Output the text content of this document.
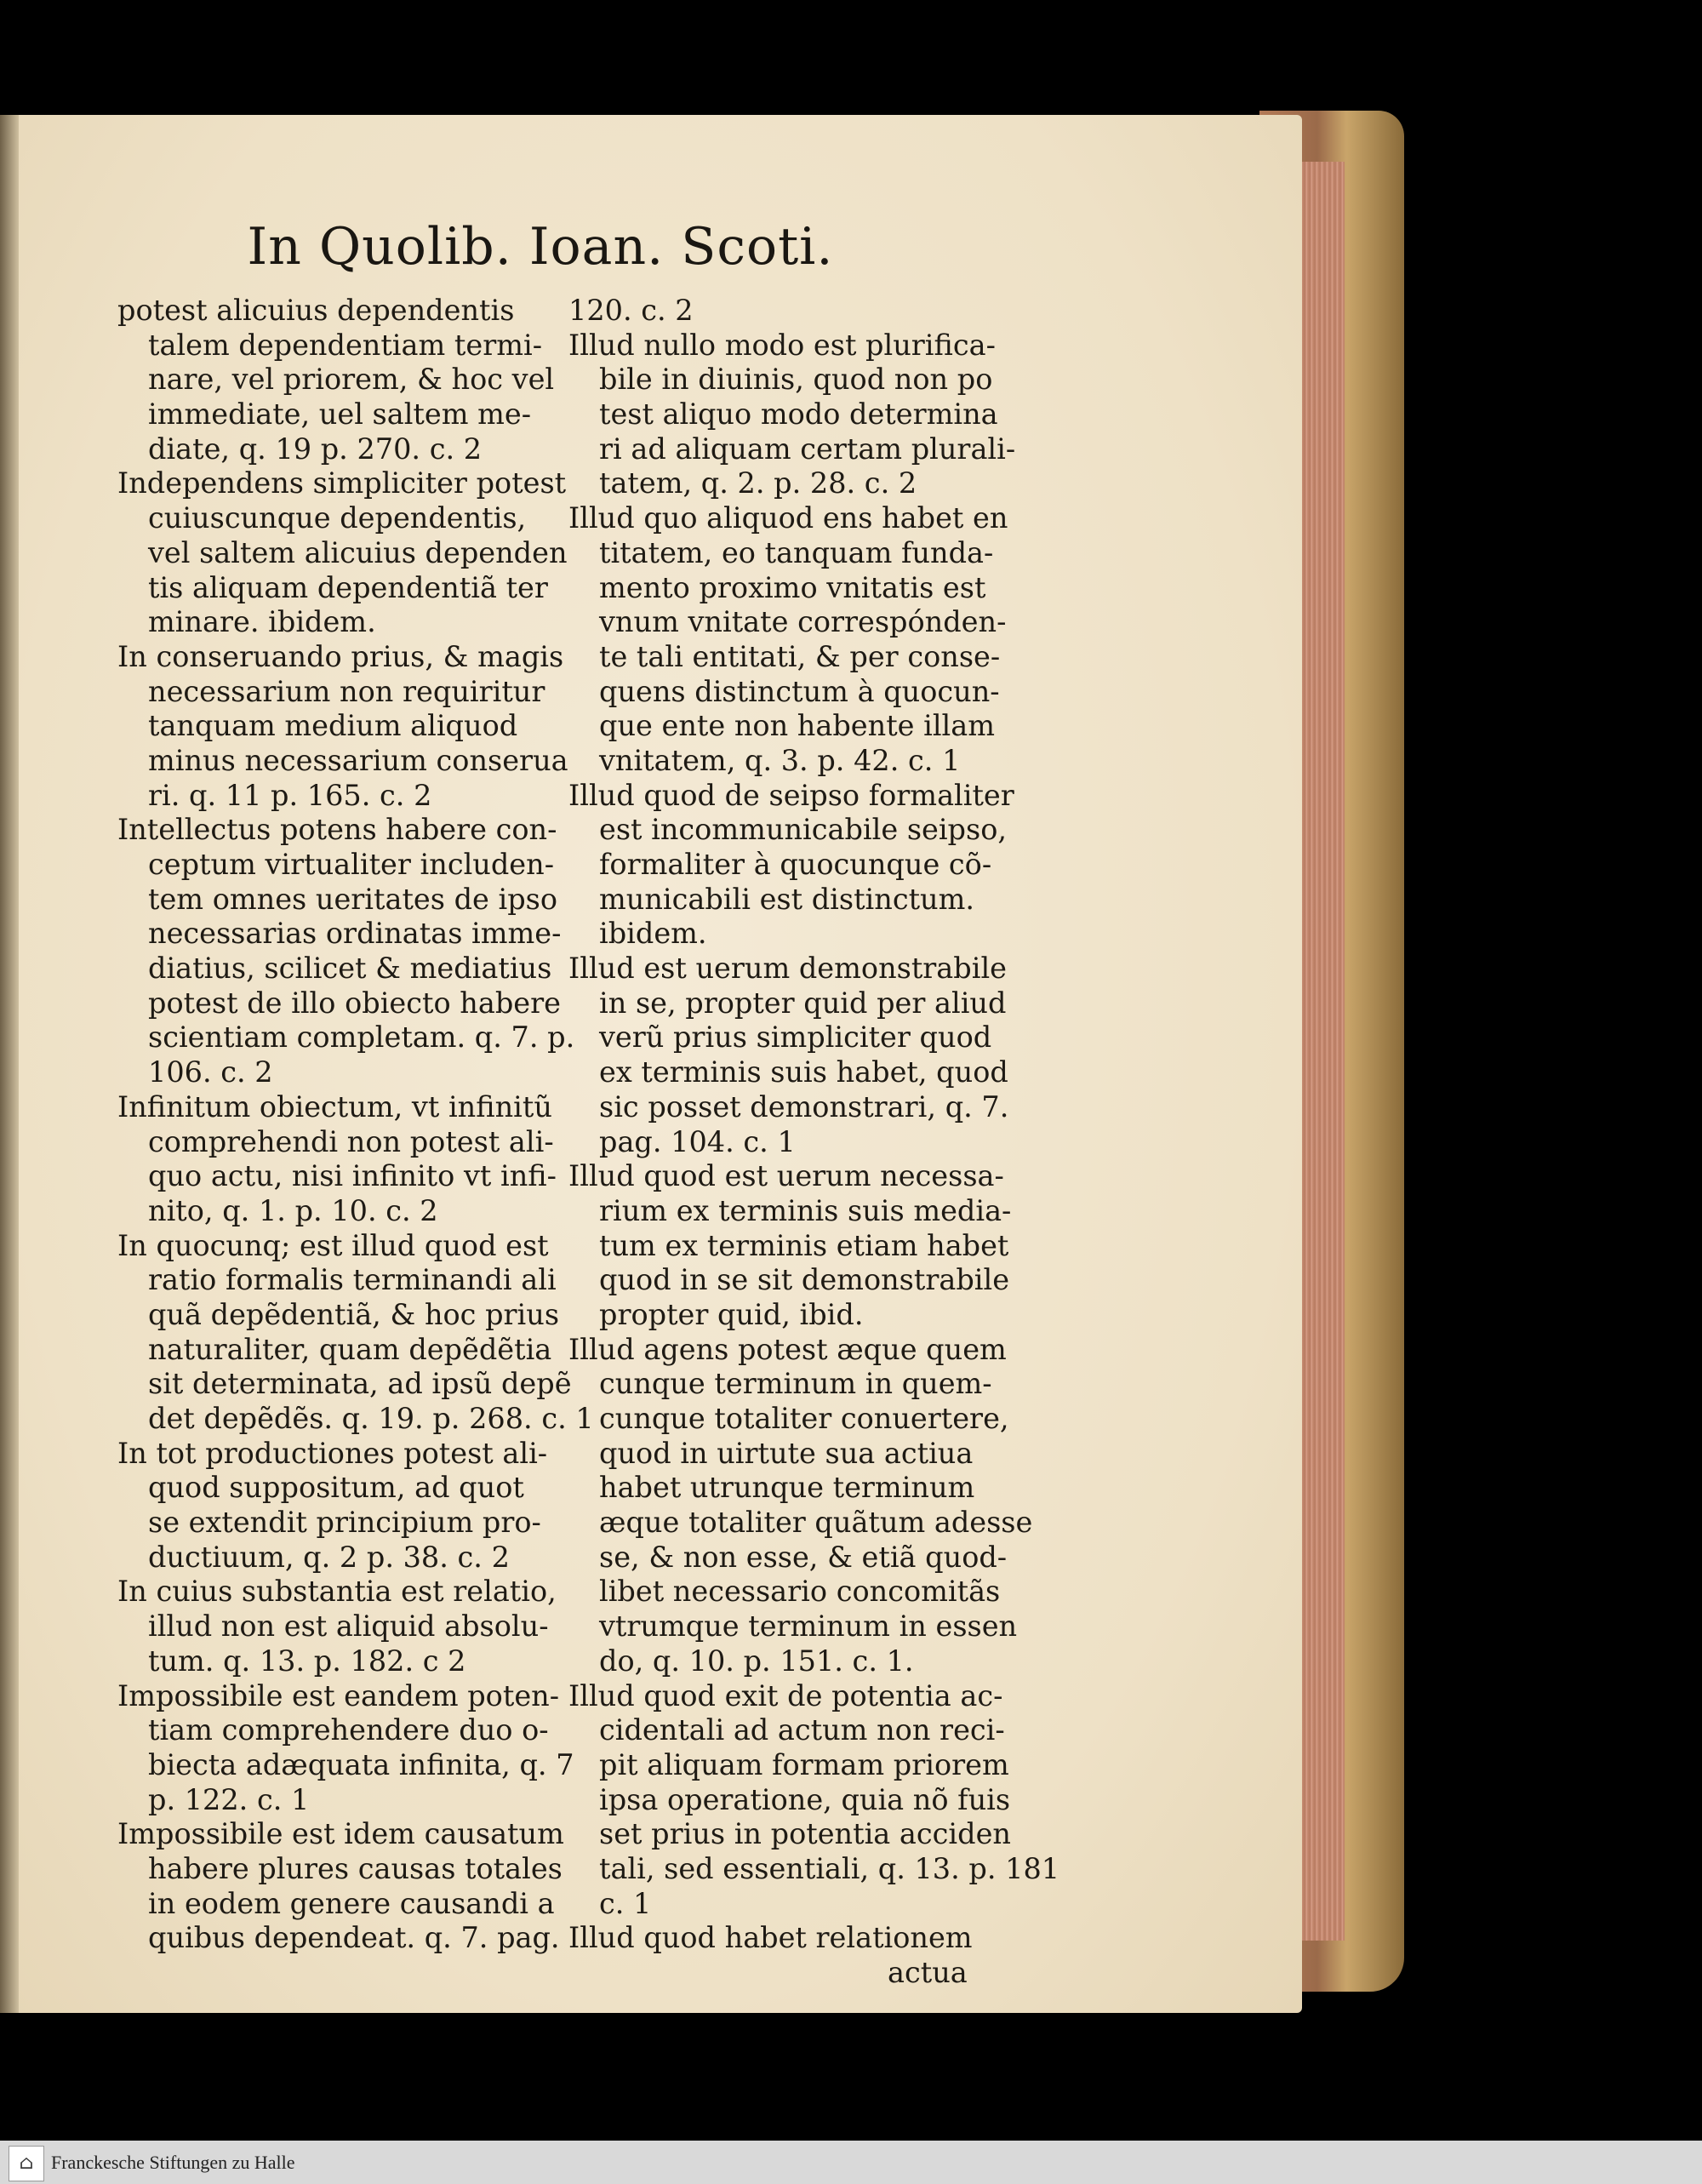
In Quolib. Ioan. Scoti.
potest alicuius dependentis
talem dependentiam termi-
nare, vel priorem, & hoc vel
immediate, uel saltem me-
diate, q. 19 p. 270. c. 2
Independens simpliciter potest
cuiuscunque dependentis,
vel saltem alicuius dependen
tis aliquam dependentiã ter
minare. ibidem.
In conseruando prius, & magis
necessarium non requiritur
tanquam medium aliquod
minus necessarium conserua
ri. q. 11 p. 165. c. 2
Intellectus potens habere con-
ceptum virtualiter includen-
tem omnes ueritates de ipso
necessarias ordinatas imme-
diatius, scilicet & mediatius
potest de illo obiecto habere
scientiam completam. q. 7. p.
106. c. 2
Infinitum obiectum, vt infinitũ
comprehendi non potest ali-
quo actu, nisi infinito vt infi-
nito, q. 1. p. 10. c. 2
In quocunq; est illud quod est
ratio formalis terminandi ali
quã depẽdentiã, & hoc prius
naturaliter, quam depẽdẽtia
sit determinata, ad ipsũ depẽ
det depẽdẽs. q. 19. p. 268. c. 1
In tot productiones potest ali-
quod suppositum, ad quot
se extendit principium pro-
ductiuum, q. 2 p. 38. c. 2
In cuius substantia est relatio,
illud non est aliquid absolu-
tum. q. 13. p. 182. c 2
Impossibile est eandem poten-
tiam comprehendere duo o-
biecta adæquata infinita, q. 7
p. 122. c. 1
Impossibile est idem causatum
habere plures causas totales
in eodem genere causandi a
quibus dependeat. q. 7. pag.
120. c. 2
Illud nullo modo est plurifica-
bile in diuinis, quod non po
test aliquo modo determina
ri ad aliquam certam plurali-
tatem, q. 2. p. 28. c. 2
Illud quo aliquod ens habet en
titatem, eo tanquam funda-
mento proximo vnitatis est
vnum vnitate correspónden-
te tali entitati, & per conse-
quens distinctum à quocun-
que ente non habente illam
vnitatem, q. 3. p. 42. c. 1
Illud quod de seipso formaliter
est incommunicabile seipso,
formaliter à quocunque cõ-
municabili est distinctum.
ibidem.
Illud est uerum demonstrabile
in se, propter quid per aliud
verũ prius simpliciter quod
ex terminis suis habet, quod
sic posset demonstrari, q. 7.
pag. 104. c. 1
Illud quod est uerum necessa-
rium ex terminis suis media-
tum ex terminis etiam habet
quod in se sit demonstrabile
propter quid, ibid.
Illud agens potest æque quem
cunque terminum in quem-
cunque totaliter conuertere,
quod in uirtute sua actiua
habet utrunque terminum
æque totaliter quãtum adesse
se, & non esse, & etiã quod-
libet necessario concomitãs
vtrumque terminum in essen
do, q. 10. p. 151. c. 1.
Illud quod exit de potentia ac-
cidentali ad actum non reci-
pit aliquam formam priorem
ipsa operatione, quia nõ fuis
set prius in potentia acciden
tali, sed essentiali, q. 13. p. 181
c. 1
Illud quod habet relationem
actua
⌂ Franckesche Stiftungen zu Halle
